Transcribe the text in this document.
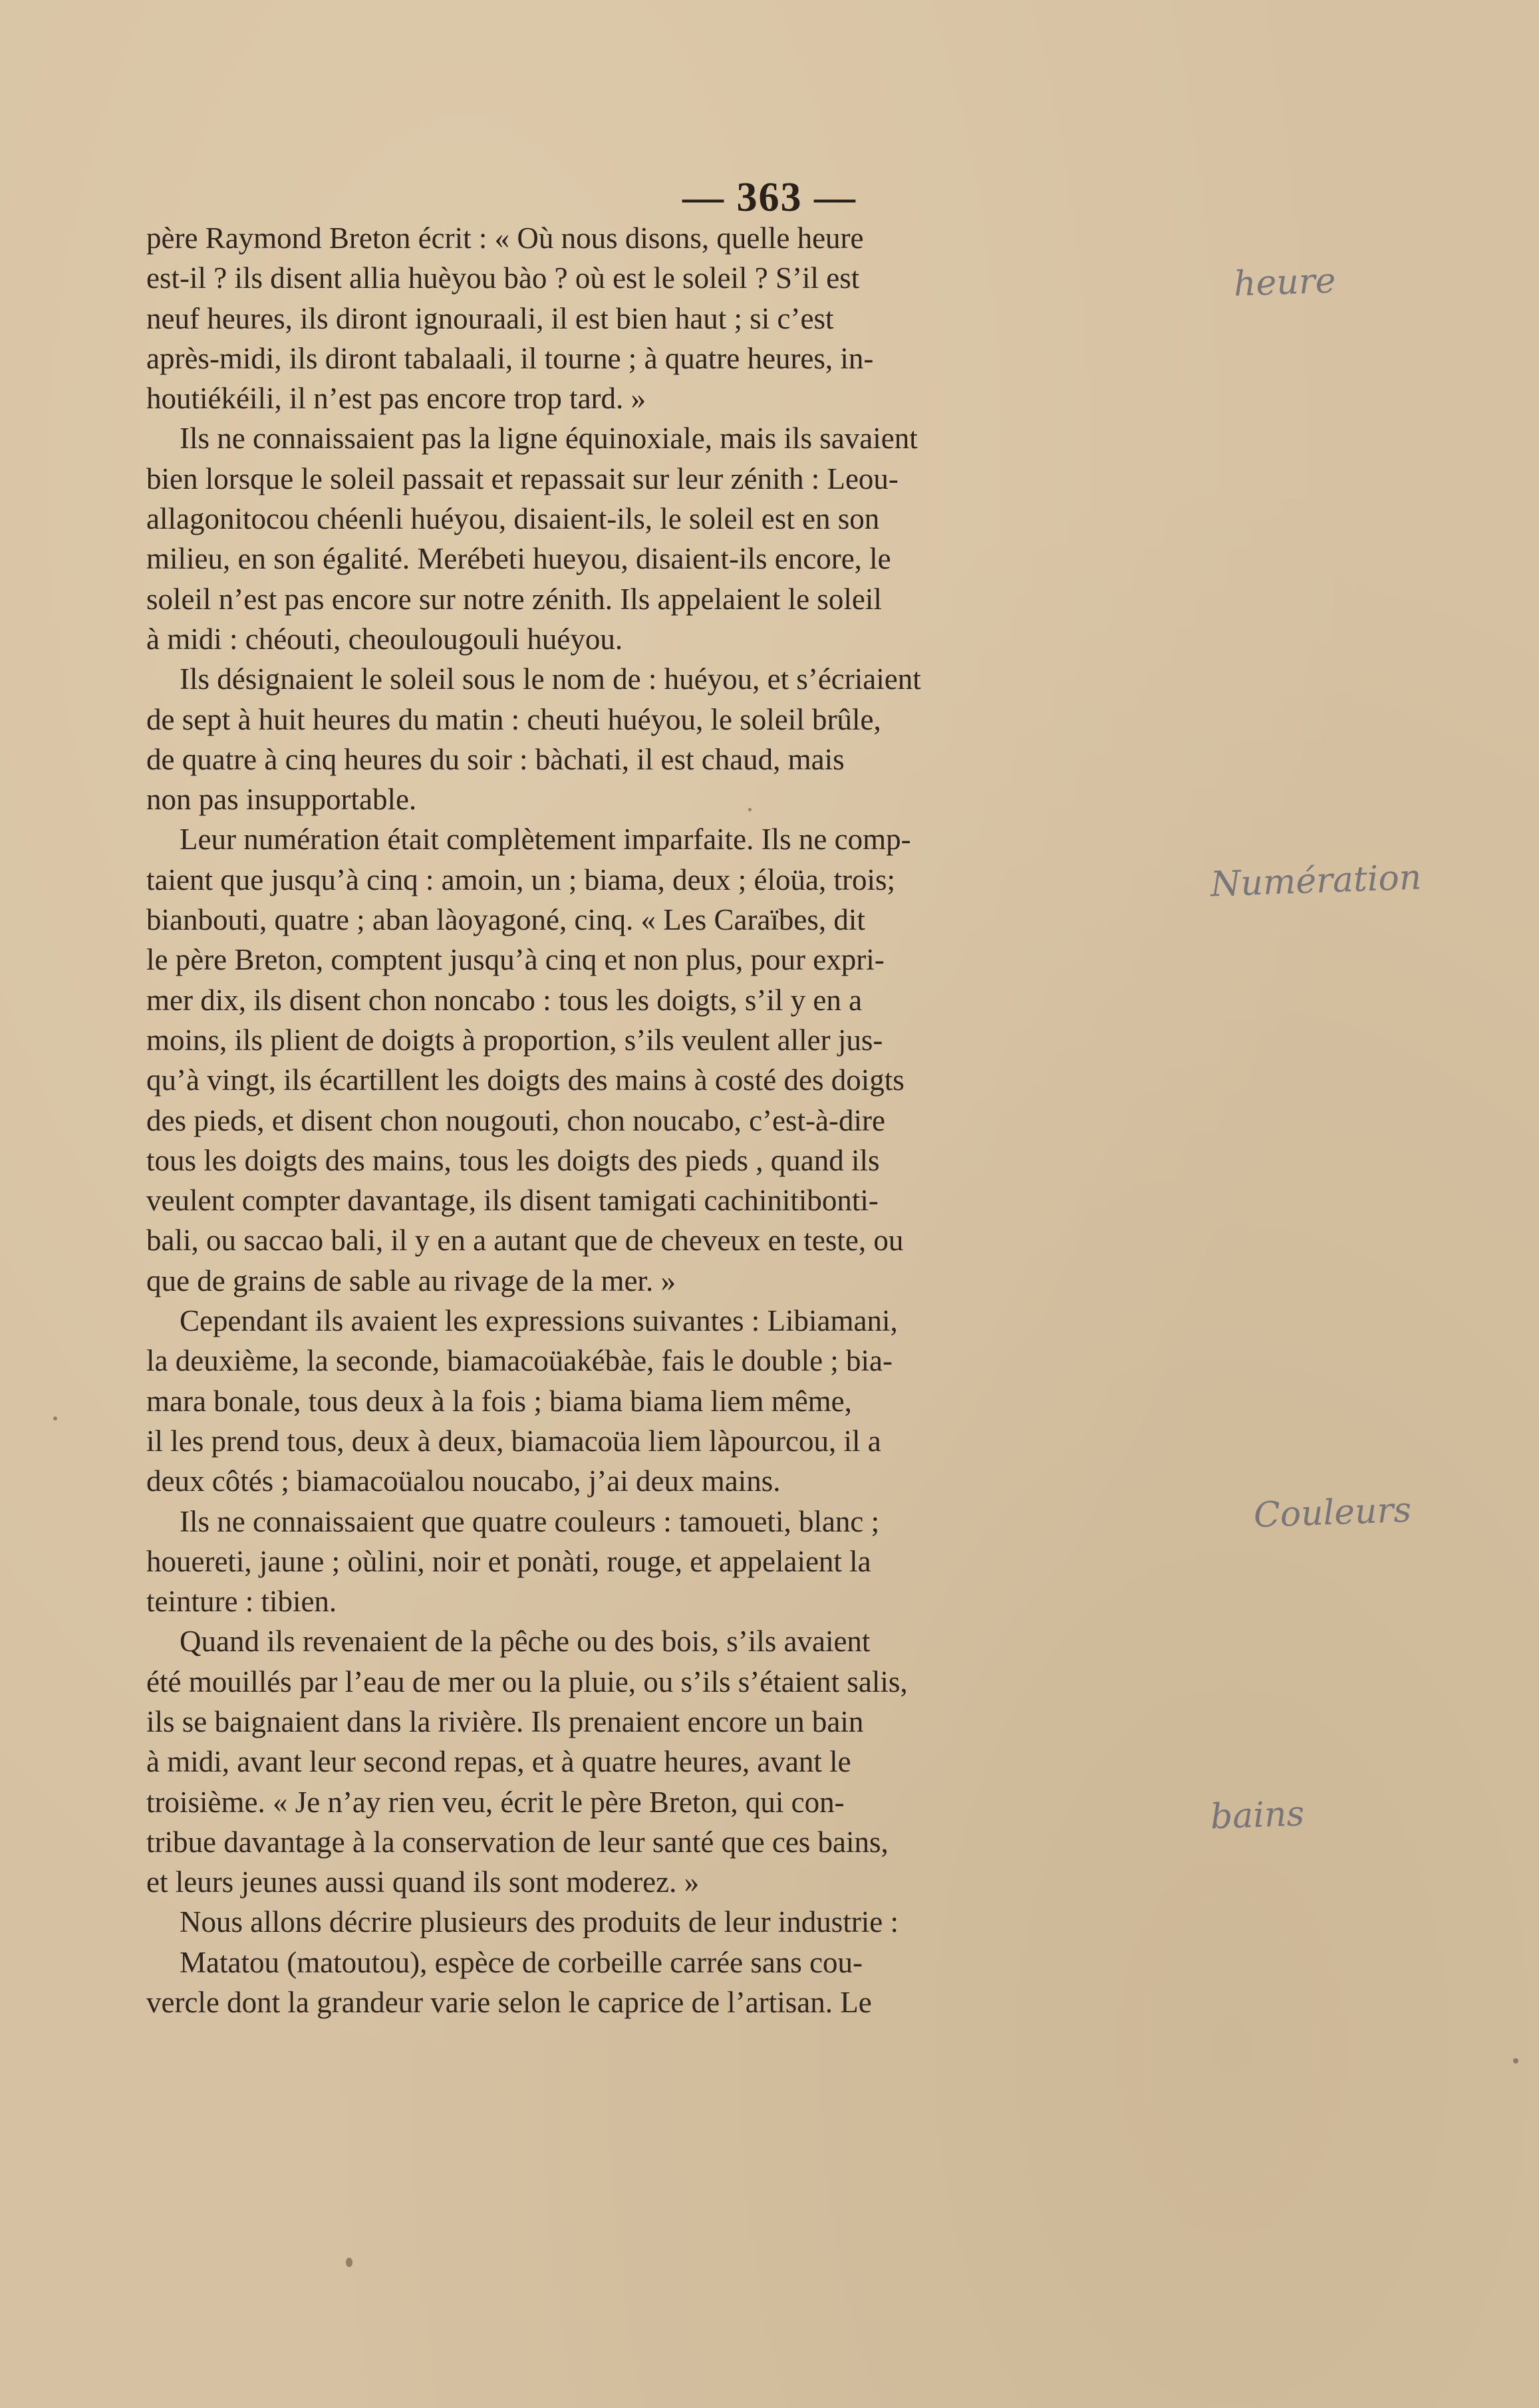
— 363 —
père Raymond Breton écrit : « Où nous disons, quelle heure
est-il ? ils disent allia huèyou bào ? où est le soleil ? S’il est
neuf heures, ils diront ignouraali, il est bien haut ; si c’est
après-midi, ils diront tabalaali, il tourne ; à quatre heures, in-
houtiékéili, il n’est pas encore trop tard. »
Ils ne connaissaient pas la ligne équinoxiale, mais ils savaient
bien lorsque le soleil passait et repassait sur leur zénith : Leou-
allagonitocou chéenli huéyou, disaient-ils, le soleil est en son
milieu, en son égalité. Merébeti hueyou, disaient-ils encore, le
soleil n’est pas encore sur notre zénith. Ils appelaient le soleil
à midi : chéouti, cheoulougouli huéyou.
Ils désignaient le soleil sous le nom de : huéyou, et s’écriaient
de sept à huit heures du matin : cheuti huéyou, le soleil brûle,
de quatre à cinq heures du soir : bàchati, il est chaud, mais
non pas insupportable.
Leur numération était complètement imparfaite. Ils ne comp-
taient que jusqu’à cinq : amoin, un ; biama, deux ; éloüa, trois;
bianbouti, quatre ; aban làoyagoné, cinq. « Les Caraïbes, dit
le père Breton, comptent jusqu’à cinq et non plus, pour expri-
mer dix, ils disent chon noncabo : tous les doigts, s’il y en a
moins, ils plient de doigts à proportion, s’ils veulent aller jus-
qu’à vingt, ils écartillent les doigts des mains à costé des doigts
des pieds, et disent chon nougouti, chon noucabo, c’est-à-dire
tous les doigts des mains, tous les doigts des pieds , quand ils
veulent compter davantage, ils disent tamigati cachinitibonti-
bali, ou saccao bali, il y en a autant que de cheveux en teste, ou
que de grains de sable au rivage de la mer. »
Cependant ils avaient les expressions suivantes : Libiamani,
la deuxième, la seconde, biamacoüakébàe, fais le double ; bia-
mara bonale, tous deux à la fois ; biama biama liem même,
il les prend tous, deux à deux, biamacoüa liem làpourcou, il a
deux côtés ; biamacoüalou noucabo, j’ai deux mains.
Ils ne connaissaient que quatre couleurs : tamoueti, blanc ;
houereti, jaune ; oùlini, noir et ponàti, rouge, et appelaient la
teinture : tibien.
Quand ils revenaient de la pêche ou des bois, s’ils avaient
été mouillés par l’eau de mer ou la pluie, ou s’ils s’étaient salis,
ils se baignaient dans la rivière. Ils prenaient encore un bain
à midi, avant leur second repas, et à quatre heures, avant le
troisième. « Je n’ay rien veu, écrit le père Breton, qui con-
tribue davantage à la conservation de leur santé que ces bains,
et leurs jeunes aussi quand ils sont moderez. »
Nous allons décrire plusieurs des produits de leur industrie :
Matatou (matoutou), espèce de corbeille carrée sans cou-
vercle dont la grandeur varie selon le caprice de l’artisan. Le
heure
Numération
Couleurs
bains
